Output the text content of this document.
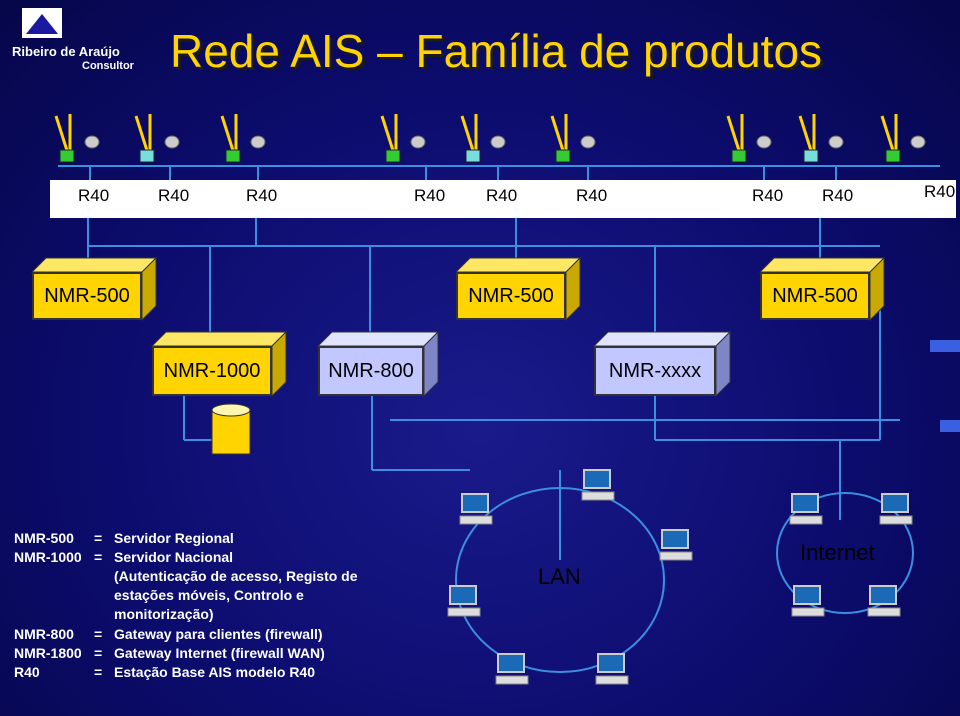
Ribeiro de Araújo
Consultor Rede AIS – Família de produtos
R40	R40	R40	R40 R40	R40	R40 R40	R40
NMR-500	NMR-500	NMR-500
NMR-1000	NMR-800	NMR-xxxx
NMR-500 = Servidor Regional
NMR-1000 = Servidor Nacional
(Autenticação de acesso, Registo de
estações móveis, Controlo e
monitorização)
NMR-800 = Gateway para clientes (firewall)
NMR-1800 = Gateway Internet (firewall WAN)
R40	= Estação Base AIS modelo R40
LAN
Internet
